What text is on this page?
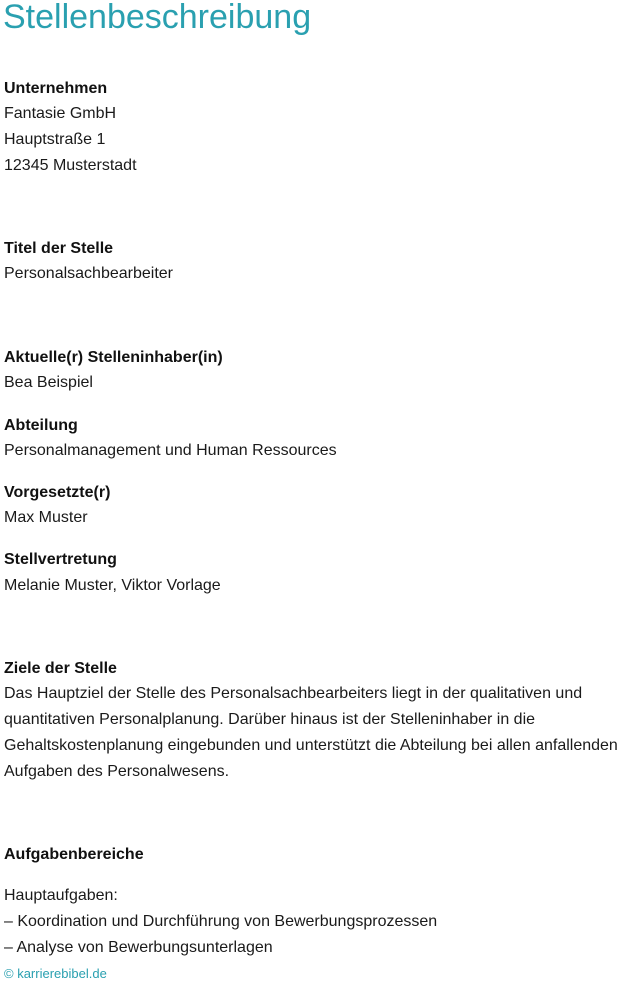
Stellenbeschreibung
Unternehmen
Fantasie GmbH
Hauptstraße 1
12345 Musterstadt
Titel der Stelle
Personalsachbearbeiter
Aktuelle(r) Stelleninhaber(in)
Bea Beispiel
Abteilung
Personalmanagement und Human Ressources
Vorgesetzte(r)
Max Muster
Stellvertretung
Melanie Muster, Viktor Vorlage
Ziele der Stelle
Das Hauptziel der Stelle des Personalsachbearbeiters liegt in der qualitativen und
quantitativen Personalplanung. Darüber hinaus ist der Stelleninhaber in die
Gehaltskostenplanung eingebunden und unterstützt die Abteilung bei allen anfallenden
Aufgaben des Personalwesens.
Aufgabenbereiche
Hauptaufgaben:
– Koordination und Durchführung von Bewerbungsprozessen
– Analyse von Bewerbungsunterlagen
© karrierebibel.de
